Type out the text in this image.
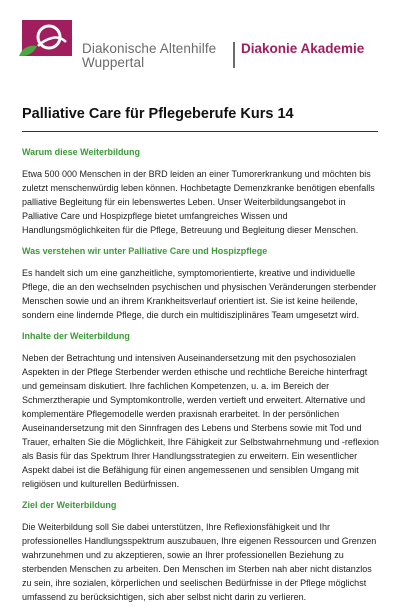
Diakonische Altenhilfe
Wuppertal
Diakonie Akademie
Palliative Care für Pflegeberufe Kurs 14
Warum diese Weiterbildung

Etwa 500 000 Menschen in der BRD leiden an einer Tumorerkrankung und möchten bis zuletzt menschenwürdig leben können. Hochbetagte Demenzkranke benötigen ebenfalls palliative Begleitung für ein lebenswertes Leben. Unser Weiterbildungsangebot in Palliative Care und Hospizpflege bietet umfangreiches Wissen und Handlungsmöglichkeiten für die Pflege, Betreuung und Begleitung dieser Menschen.

Was verstehen wir unter Palliative Care und Hospizpflege

Es handelt sich um eine ganzheitliche, symptomorientierte, kreative und individuelle Pflege, die an den wechselnden psychischen und physischen Veränderungen sterbender Menschen sowie und an ihrem Krankheitsverlauf orientiert ist. Sie ist keine heilende, sondern eine lindernde Pflege, die durch ein multidisziplinäres Team umgesetzt wird.

Inhalte der Weiterbildung

Neben der Betrachtung und intensiven Auseinandersetzung mit den psychosozialen Aspekten in der Pflege Sterbender werden ethische und rechtliche Bereiche hinterfragt und gemeinsam diskutiert. Ihre fachlichen Kompetenzen, u. a. im Bereich der Schmerztherapie und Symptomkontrolle, werden vertieft und erweitert. Alternative und komplementäre Pflegemodelle werden praxisnah erarbeitet. In der persönlichen Auseinandersetzung mit den Sinnfragen des Lebens und Sterbens sowie mit Tod und Trauer, erhalten Sie die Möglichkeit, Ihre Fähigkeit zur Selbstwahrnehmung und -reflexion als Basis für das Spektrum Ihrer Handlungsstrategien zu erweitern. Ein wesentlicher Aspekt dabei ist die Befähigung für einen angemessenen und sensiblen Umgang mit religiösen und kulturellen Bedürfnissen.

Ziel der Weiterbildung

Die Weiterbildung soll Sie dabei unterstützen, Ihre Reflexionsfähigkeit und Ihr professionelles Handlungsspektrum auszubauen, Ihre eigenen Ressourcen und Grenzen wahrzunehmen und zu akzeptieren, sowie an Ihrer professionellen Beziehung zu sterbenden Menschen zu arbeiten. Den Menschen im Sterben nah aber nicht distanzlos zu sein, ihre sozialen, körperlichen und seelischen Bedürfnisse in der Pflege möglichst umfassend zu berücksichtigen, sich aber selbst nicht darin zu verlieren.
